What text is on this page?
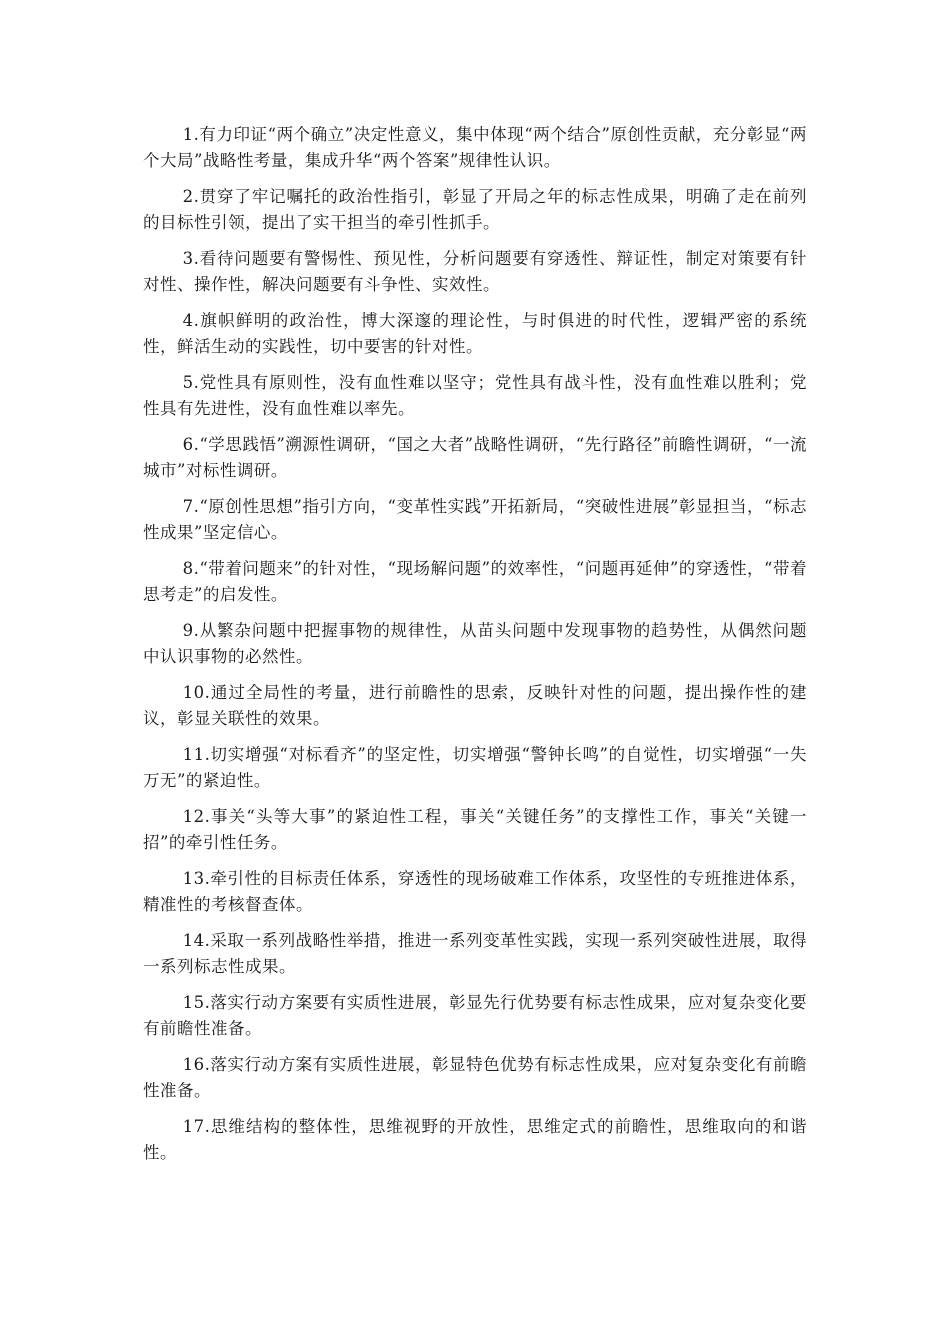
1.有力印证“两个确立”决定性意义，集中体现“两个结合”原创性贡献，充分彰显“两个大局”战略性考量，集成升华“两个答案”规律性认识。

2.贯穿了牢记嘱托的政治性指引，彰显了开局之年的标志性成果，明确了走在前列的目标性引领，提出了实干担当的牵引性抓手。

3.看待问题要有警惕性、预见性，分析问题要有穿透性、辩证性，制定对策要有针对性、操作性，解决问题要有斗争性、实效性。

4.旗帜鲜明的政治性，博大深邃的理论性，与时俱进的时代性，逻辑严密的系统性，鲜活生动的实践性，切中要害的针对性。

5.党性具有原则性，没有血性难以坚守；党性具有战斗性，没有血性难以胜利；党性具有先进性，没有血性难以率先。

6.“学思践悟”溯源性调研，“国之大者”战略性调研，“先行路径”前瞻性调研，“一流城市”对标性调研。

7.“原创性思想”指引方向，“变革性实践”开拓新局，“突破性进展”彰显担当，“标志性成果”坚定信心。

8.“带着问题来”的针对性，“现场解问题”的效率性，“问题再延伸”的穿透性，“带着思考走”的启发性。

9.从繁杂问题中把握事物的规律性，从苗头问题中发现事物的趋势性，从偶然问题中认识事物的必然性。

10.通过全局性的考量，进行前瞻性的思索，反映针对性的问题，提出操作性的建议，彰显关联性的效果。

11.切实增强“对标看齐”的坚定性，切实增强“警钟长鸣”的自觉性，切实增强“一失万无”的紧迫性。

12.事关“头等大事”的紧迫性工程，事关“关键任务”的支撑性工作，事关“关键一招”的牵引性任务。

13.牵引性的目标责任体系，穿透性的现场破难工作体系，攻坚性的专班推进体系，精准性的考核督查体。

14.采取一系列战略性举措，推进一系列变革性实践，实现一系列突破性进展，取得一系列标志性成果。

15.落实行动方案要有实质性进展，彰显先行优势要有标志性成果，应对复杂变化要有前瞻性准备。

16.落实行动方案有实质性进展，彰显特色优势有标志性成果，应对复杂变化有前瞻性准备。

17.思维结构的整体性，思维视野的开放性，思维定式的前瞻性，思维取向的和谐性。
